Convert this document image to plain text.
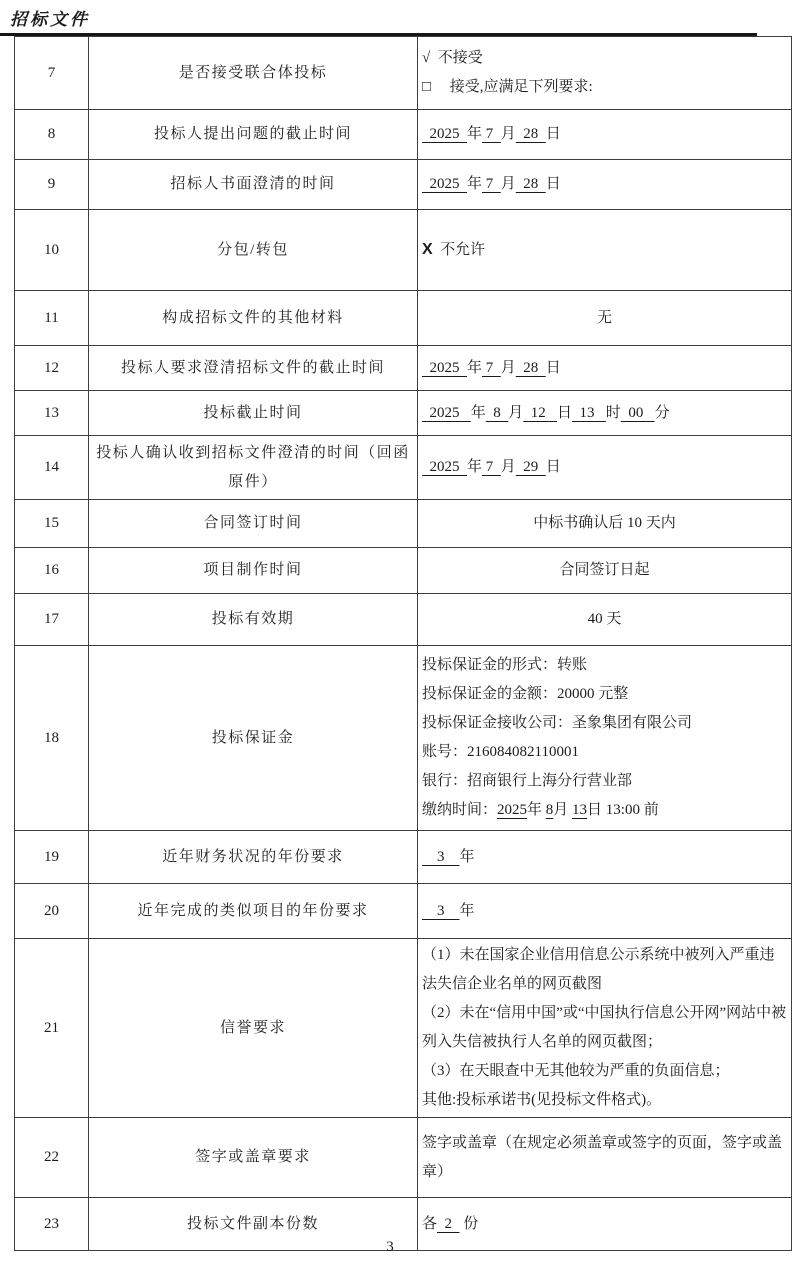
招标文件
7	是否接受联合体投标	√  不接受
□　 接受,应满足下列要求:

8	投标人提出问题的截止时间	2025  年 7  月  28  日

9	招标人书面澄清的时间	2025  年 7  月  28  日

10	分包/转包	X  不允许

11	构成招标文件的其他材料	无

12	投标人要求澄清招标文件的截止时间	2025  年 7  月  28  日

13	投标截止时间	2025   年  8  月  12   日  13   时  00   分

14	投标人确认收到招标文件澄清的时间（回函原件）	2025  年 7  月  29  日

15	合同签订时间	中标书确认后 10 天内

16	项目制作时间	合同签订日起

17	投标有效期	40 天

18	投标保证金	
投标保证金的形式：转账
投标保证金的金额：20000 元整
投标保证金接收公司：圣象集团有限公司
账号：216084082110001
银行：招商银行上海分行营业部
缴纳时间：2025年 8月 13日 13:00 前

19	近年财务状况的年份要求	3    年

20	近年完成的类似项目的年份要求	3    年

21	信誉要求	（1）未在国家企业信用信息公示系统中被列入严重违法失信企业名单的网页截图
（2）未在“信用中国”或“中国执行信息公开网”网站中被列入失信被执行人名单的网页截图；
（3）在天眼查中无其他较为严重的负面信息；
其他:投标承诺书(见投标文件格式)。

22	签字或盖章要求	签字或盖章（在规定必须盖章或签字的页面，签字或盖章）

23	投标文件副本份数	各  2   份
3
